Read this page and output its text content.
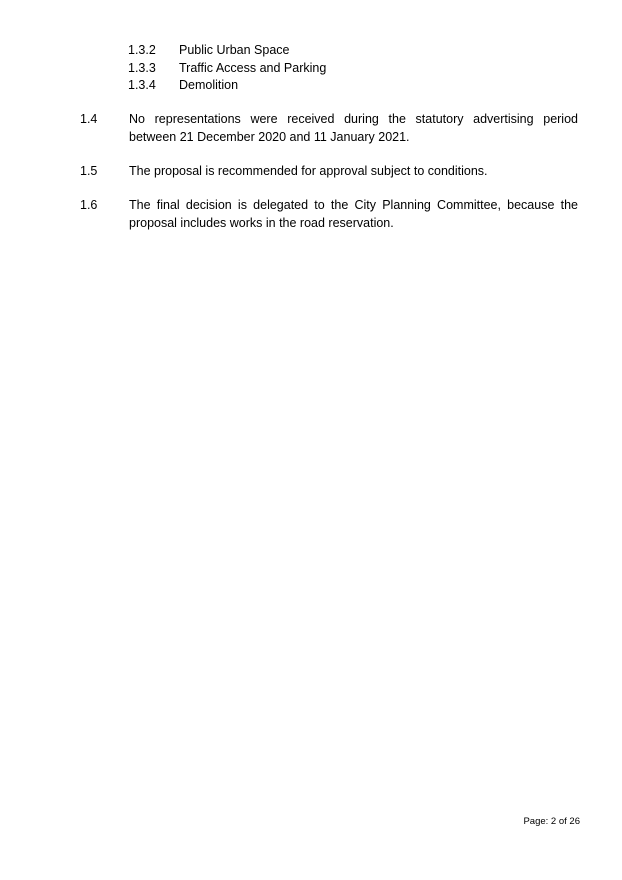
1.3.2	Public Urban Space
1.3.3	Traffic Access and Parking
1.3.4	Demolition
1.4	No representations were received during the statutory advertising period between 21 December 2020 and 11 January 2021.
1.5	The proposal is recommended for approval subject to conditions.
1.6	The final decision is delegated to the City Planning Committee, because the proposal includes works in the road reservation.
Page: 2 of 26
